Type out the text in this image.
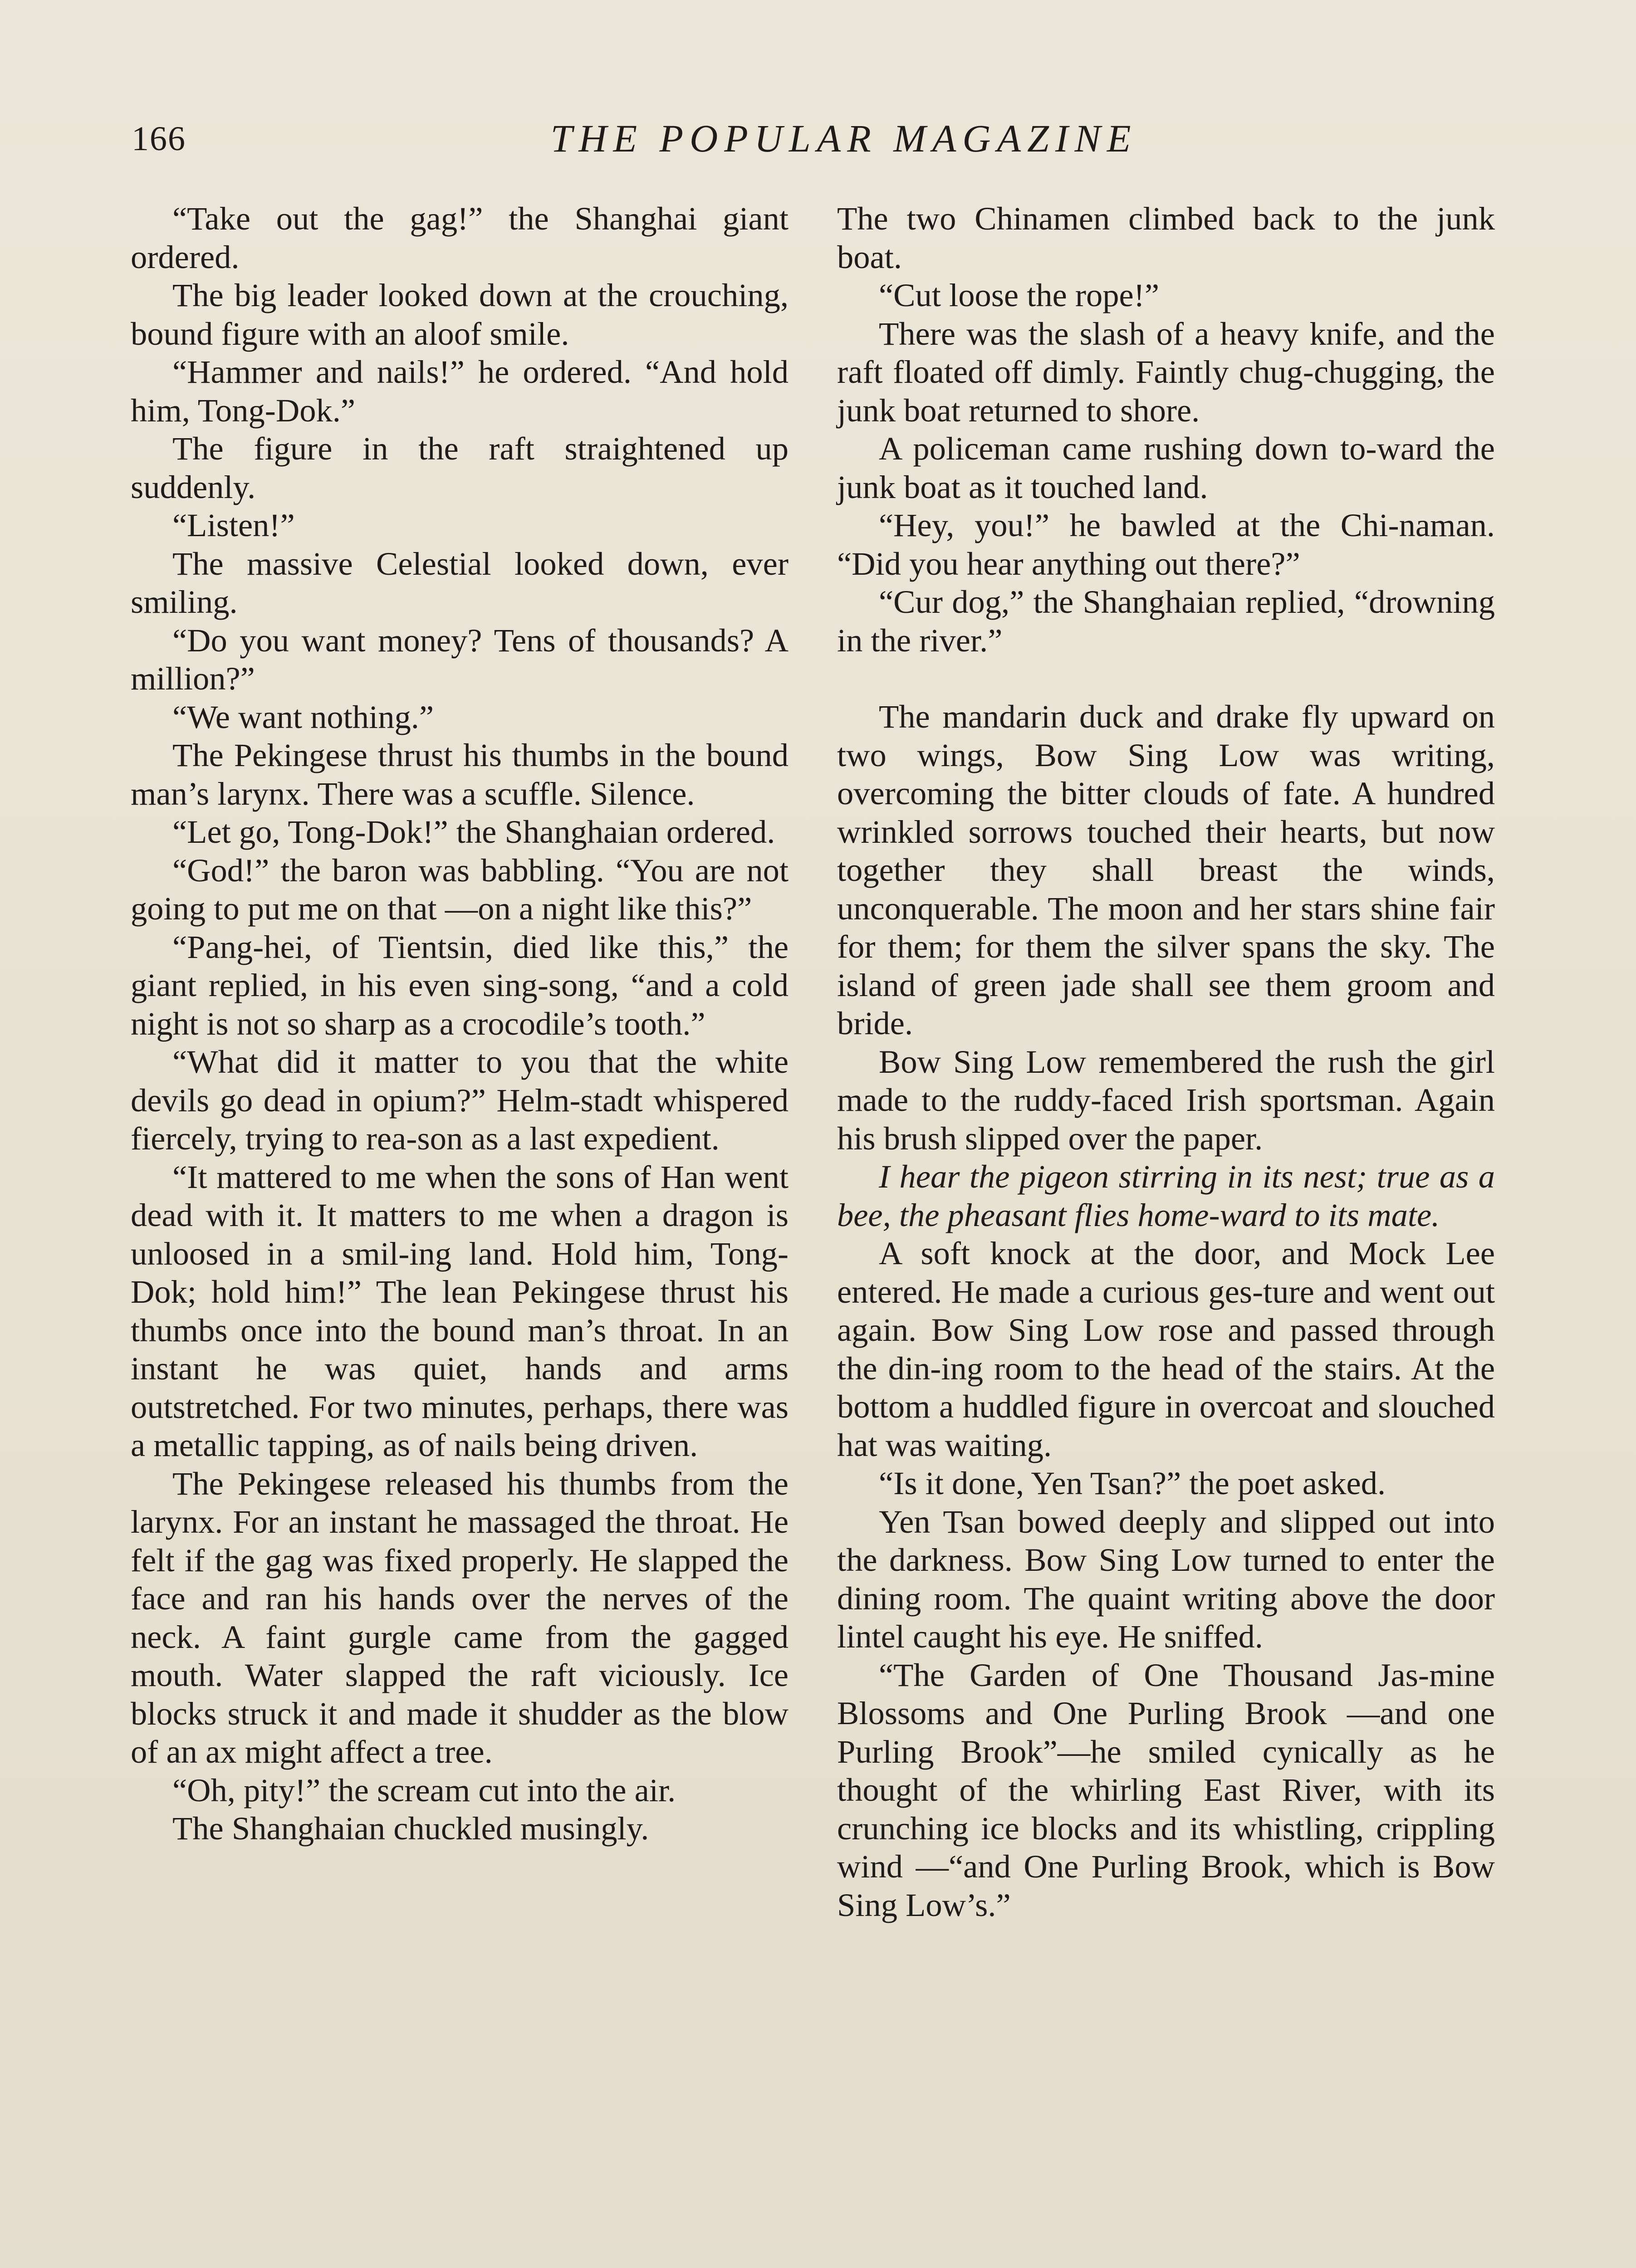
166	THE POPULAR MAGAZINE

“Take out the gag!” the Shanghai giant ordered.

The big leader looked down at the crouching, bound figure with an aloof smile.

“Hammer and nails!” he ordered. “And hold him, Tong-Dok.”

The figure in the raft straightened up suddenly.

“Listen!”

The massive Celestial looked down, ever smiling.

“Do you want money? Tens of thousands? A million?”

“We want nothing.”

The Pekingese thrust his thumbs in the bound man’s larynx. There was a scuffle. Silence.

“Let go, Tong-Dok!” the Shanghaian ordered.

“God!” the baron was babbling. “You are not going to put me on that —on a night like this?”

“Pang-hei, of Tientsin, died like this,” the giant replied, in his even sing-song, “and a cold night is not so sharp as a crocodile’s tooth.”

“What did it matter to you that the white devils go dead in opium?” Helm-stadt whispered fiercely, trying to rea-son as a last expedient.

“It mattered to me when the sons of Han went dead with it. It matters to me when a dragon is unloosed in a smil-ing land. Hold him, Tong-Dok; hold him!” The lean Pekingese thrust his thumbs once into the bound man’s throat. In an instant he was quiet, hands and arms outstretched. For two minutes, perhaps, there was a metallic tapping, as of nails being driven.

The Pekingese released his thumbs from the larynx. For an instant he massaged the throat. He felt if the gag was fixed properly. He slapped the face and ran his hands over the nerves of the neck. A faint gurgle came from the gagged mouth. Water slapped the raft viciously. Ice blocks struck it and made it shudder as the blow of an ax might affect a tree.

“Oh, pity!” the scream cut into the air.

The Shanghaian chuckled musingly.

The two Chinamen climbed back to the junk boat.

“Cut loose the rope!”

There was the slash of a heavy knife, and the raft floated off dimly. Faintly chug-chugging, the junk boat returned to shore.

A policeman came rushing down to-ward the junk boat as it touched land.

“Hey, you!” he bawled at the Chi-naman. “Did you hear anything out there?”

“Cur dog,” the Shanghaian replied, “drowning in the river.”

The mandarin duck and drake fly upward on two wings, Bow Sing Low was writing, overcoming the bitter clouds of fate. A hundred wrinkled sorrows touched their hearts, but now together they shall breast the winds, unconquerable. The moon and her stars shine fair for them; for them the silver spans the sky. The island of green jade shall see them groom and bride.

Bow Sing Low remembered the rush the girl made to the ruddy-faced Irish sportsman. Again his brush slipped over the paper.

I hear the pigeon stirring in its nest; true as a bee, the pheasant flies home-ward to its mate.

A soft knock at the door, and Mock Lee entered. He made a curious ges-ture and went out again. Bow Sing Low rose and passed through the din-ing room to the head of the stairs. At the bottom a huddled figure in overcoat and slouched hat was waiting.

“Is it done, Yen Tsan?” the poet asked.

Yen Tsan bowed deeply and slipped out into the darkness. Bow Sing Low turned to enter the dining room. The quaint writing above the door lintel caught his eye. He sniffed.

“The Garden of One Thousand Jas-mine Blossoms and One Purling Brook —and one Purling Brook”—he smiled cynically as he thought of the whirling East River, with its crunching ice blocks and its whistling, crippling wind —“and One Purling Brook, which is Bow Sing Low’s.”
